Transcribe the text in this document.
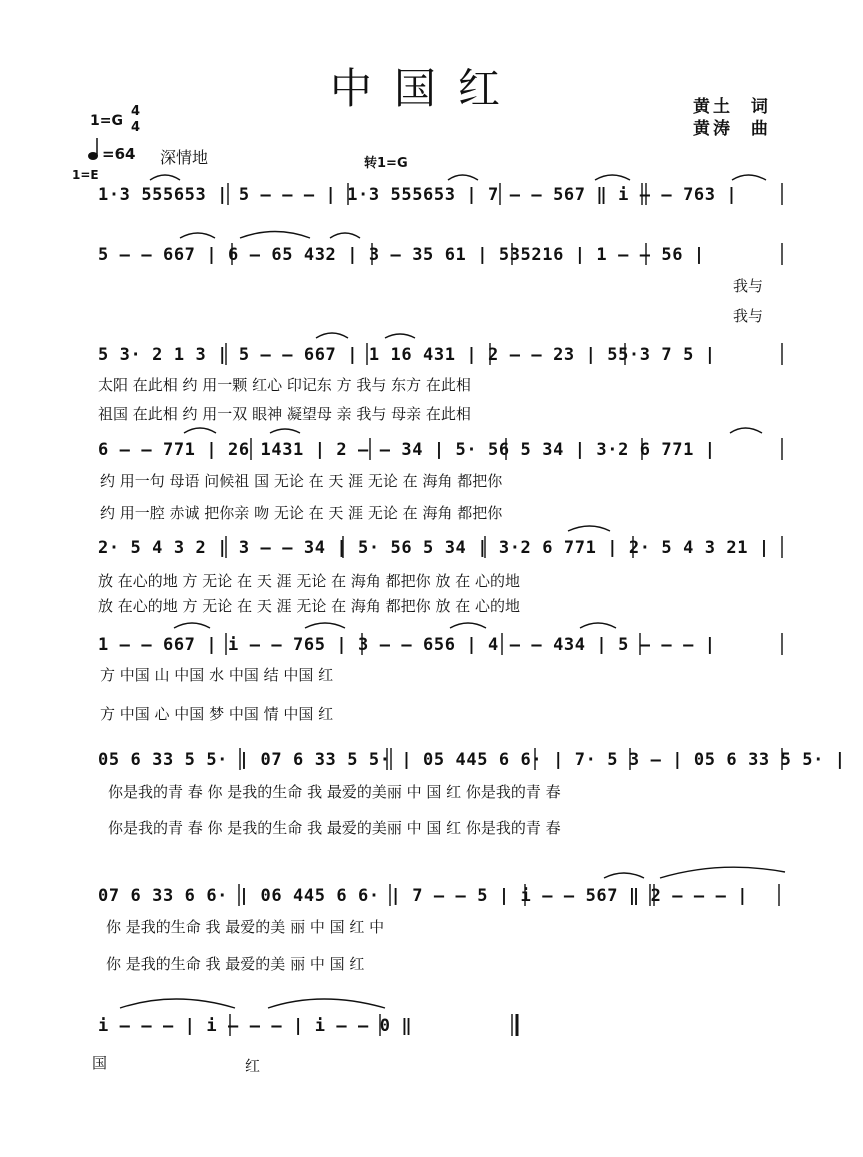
中国红	黄土  词
黄涛  曲
1=G
4
4
=64 深情地
1=E
转1=G
1·3 555653 | 5 – – – | 1·3 555653 | 7 – – 567 ‖ i – – 763 |
5 – – 667 | 6 – 65 432 | 3 – 35 61 | 535216 | 1 – – 56 |
我与
我与
5 3· 2 1 3 | 5 – – 667 | 1 16 431 | 2 – – 23 | 55·3 7 5 |
太阳 在此相 约 用一颗 红心 印记东 方 我与 东方 在此相
祖国 在此相 约 用一双 眼神 凝望母 亲 我与 母亲 在此相
6 – – 771 | 26 1431 | 2 – – 34 | 5· 56 5 34 | 3·2 6 771 |
约 用一句 母语 问候祖 国 无论 在 天 涯 无论 在 海角 都把你
约 用一腔 赤诚 把你亲 吻 无论 在 天 涯 无论 在 海角 都把你
2· 5 4 3 2 | 3 – – 34 | 5· 56 5 34 | 3·2 6 771 | 2· 5 4 3 21 |
放 在心的地 方 无论 在 天 涯 无论 在 海角 都把你 放 在 心的地
放 在心的地 方 无论 在 天 涯 无论 在 海角 都把你 放 在 心的地
1 – – 667 | i – – 765 | 3 – – 656 | 4 – – 434 | 5 – – – |
方 中国 山 中国 水 中国 结 中国 红
方 中国 心 中国 梦 中国 情 中国 红
05 6 33 5 5· | 07 6 33 5 5· | 05 445 6 6· | 7· 5 3 – | 05 6 33 5 5· |
你是我的青 春 你 是我的生命 我 最爱的美丽 中 国 红 你是我的青 春
你是我的青 春 你 是我的生命 我 最爱的美丽 中 国 红 你是我的青 春
07 6 33 6 6· | 06 445 6 6· | 7 – – 5 | i – – 567 ‖ 2 – – – |
你 是我的生命 我 最爱的美 丽 中 国 红 中
你 是我的生命 我 最爱的美 丽 中 国 红
i – – – | i – – – | i – – 0 ‖
国	红
